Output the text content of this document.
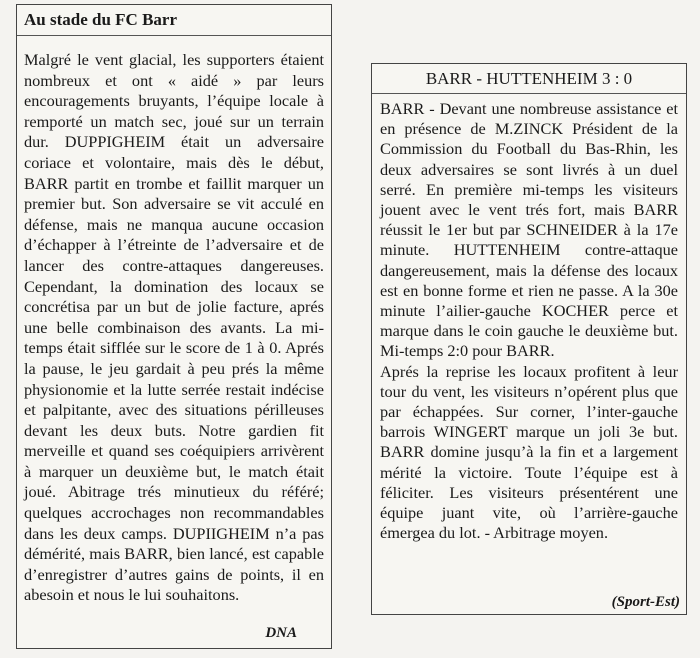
Au stade du FC Barr

Malgré le vent glacial, les supporters étaient nombreux et ont « aidé » par leurs encouragements bruyants, l’équipe locale à remporté un match sec, joué sur un terrain dur. DUPPIGHEIM était un adversaire coriace et volontaire, mais dès le début, BARR partit en trombe et faillit marquer un premier but. Son adversaire se vit acculé en défense, mais ne manqua aucune occasion d’échapper à l’étreinte de l’adversaire et de lancer des contre-attaques dangereuses. Cependant, la domination des locaux se concrétisa par un but de jolie facture, aprés une belle combinaison des avants. La mi-temps était sifflée sur le score de 1 à 0. Aprés la pause, le jeu gardait à peu prés la même physionomie et la lutte serrée restait indécise et palpitante, avec des situations périlleuses devant les deux buts. Notre gardien fit merveille et quand ses coéquipiers arrivèrent à marquer un deuxième but, le match était joué. Abitrage trés minutieux du référé; quelques accrochages non recommandables dans les deux camps. DUPIIGHEIM n’a pas démérité, mais BARR, bien lancé, est capable d’enregistrer d’autres gains de points, il en abesoin et nous le lui souhaitons.

DNA
BARR - HUTTENHEIM 3 : 0

BARR - Devant une nombreuse assistance et en présence de M.ZINCK Président de la Commission du Football du Bas-Rhin, les deux adversaires se sont livrés à un duel serré. En première mi-temps les visiteurs jouent avec le vent trés fort, mais BARR réussit le 1er but par SCHNEIDER à la 17e minute. HUTTENHEIM contre-attaque dangereusement, mais la défense des locaux est en bonne forme et rien ne passe. A la 30e minute l’ailier-gauche KOCHER perce et marque dans le coin gauche le deuxième but. Mi-temps 2:0 pour BARR.

Aprés la reprise les locaux profitent à leur tour du vent, les visiteurs n’opérent plus que par échappées. Sur corner, l’inter-gauche barrois WINGERT marque un joli 3e but. BARR domine jusqu’à la fin et a largement mérité la victoire. Toute l’équipe est à féliciter. Les visiteurs présentérent une équipe juant vite, où l’arrière-gauche émergea du lot. - Arbitrage moyen.

(Sport-Est)
